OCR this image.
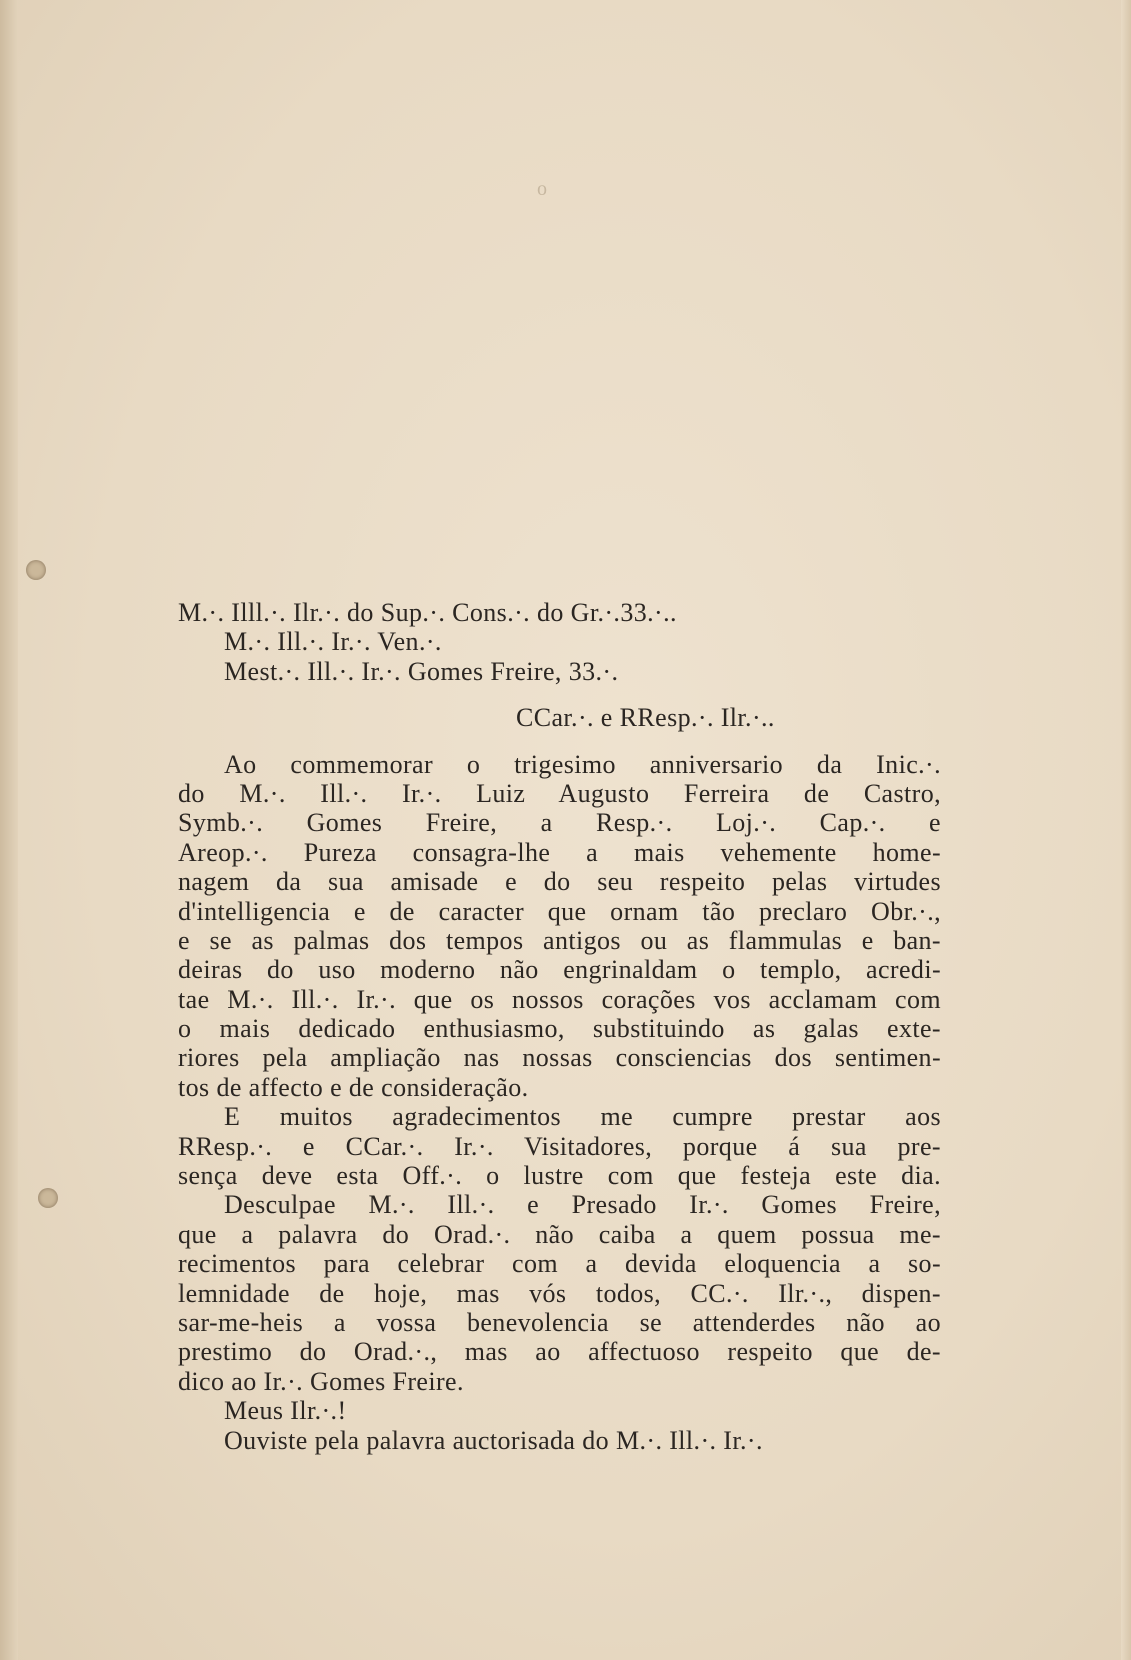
o
M.·. Illl.·. Ilr.·. do Sup.·. Cons.·. do Gr.·.33.·..
M.·. Ill.·. Ir.·. Ven.·.
Mest.·. Ill.·. Ir.·. Gomes Freire, 33.·.
CCar.·. e RResp.·. Ilr.·..
Ao commemorar o trigesimo anniversario da Inic.·.
do M.·. Ill.·. Ir.·. Luiz Augusto Ferreira de Castro,
Symb.·. Gomes Freire, a Resp.·. Loj.·. Cap.·. e
Areop.·. Pureza consagra-lhe a mais vehemente home-
nagem da sua amisade e do seu respeito pelas virtudes
d'intelligencia e de caracter que ornam tão preclaro Obr.·.,
e se as palmas dos tempos antigos ou as flammulas e ban-
deiras do uso moderno não engrinaldam o templo, acredi-
tae M.·. Ill.·. Ir.·. que os nossos corações vos acclamam com
o mais dedicado enthusiasmo, substituindo as galas exte-
riores pela ampliação nas nossas consciencias dos sentimen-
tos de affecto e de consideração.
E muitos agradecimentos me cumpre prestar aos
RResp.·. e CCar.·. Ir.·. Visitadores, porque á sua pre-
sença deve esta Off.·. o lustre com que festeja este dia.
Desculpae M.·. Ill.·. e Presado Ir.·. Gomes Freire,
que a palavra do Orad.·. não caiba a quem possua me-
recimentos para celebrar com a devida eloquencia a so-
lemnidade de hoje, mas vós todos, CC.·. Ilr.·., dispen-
sar-me-heis a vossa benevolencia se attenderdes não ao
prestimo do Orad.·., mas ao affectuoso respeito que de-
dico ao Ir.·. Gomes Freire.
Meus Ilr.·.!
Ouviste pela palavra auctorisada do M.·. Ill.·. Ir.·.
